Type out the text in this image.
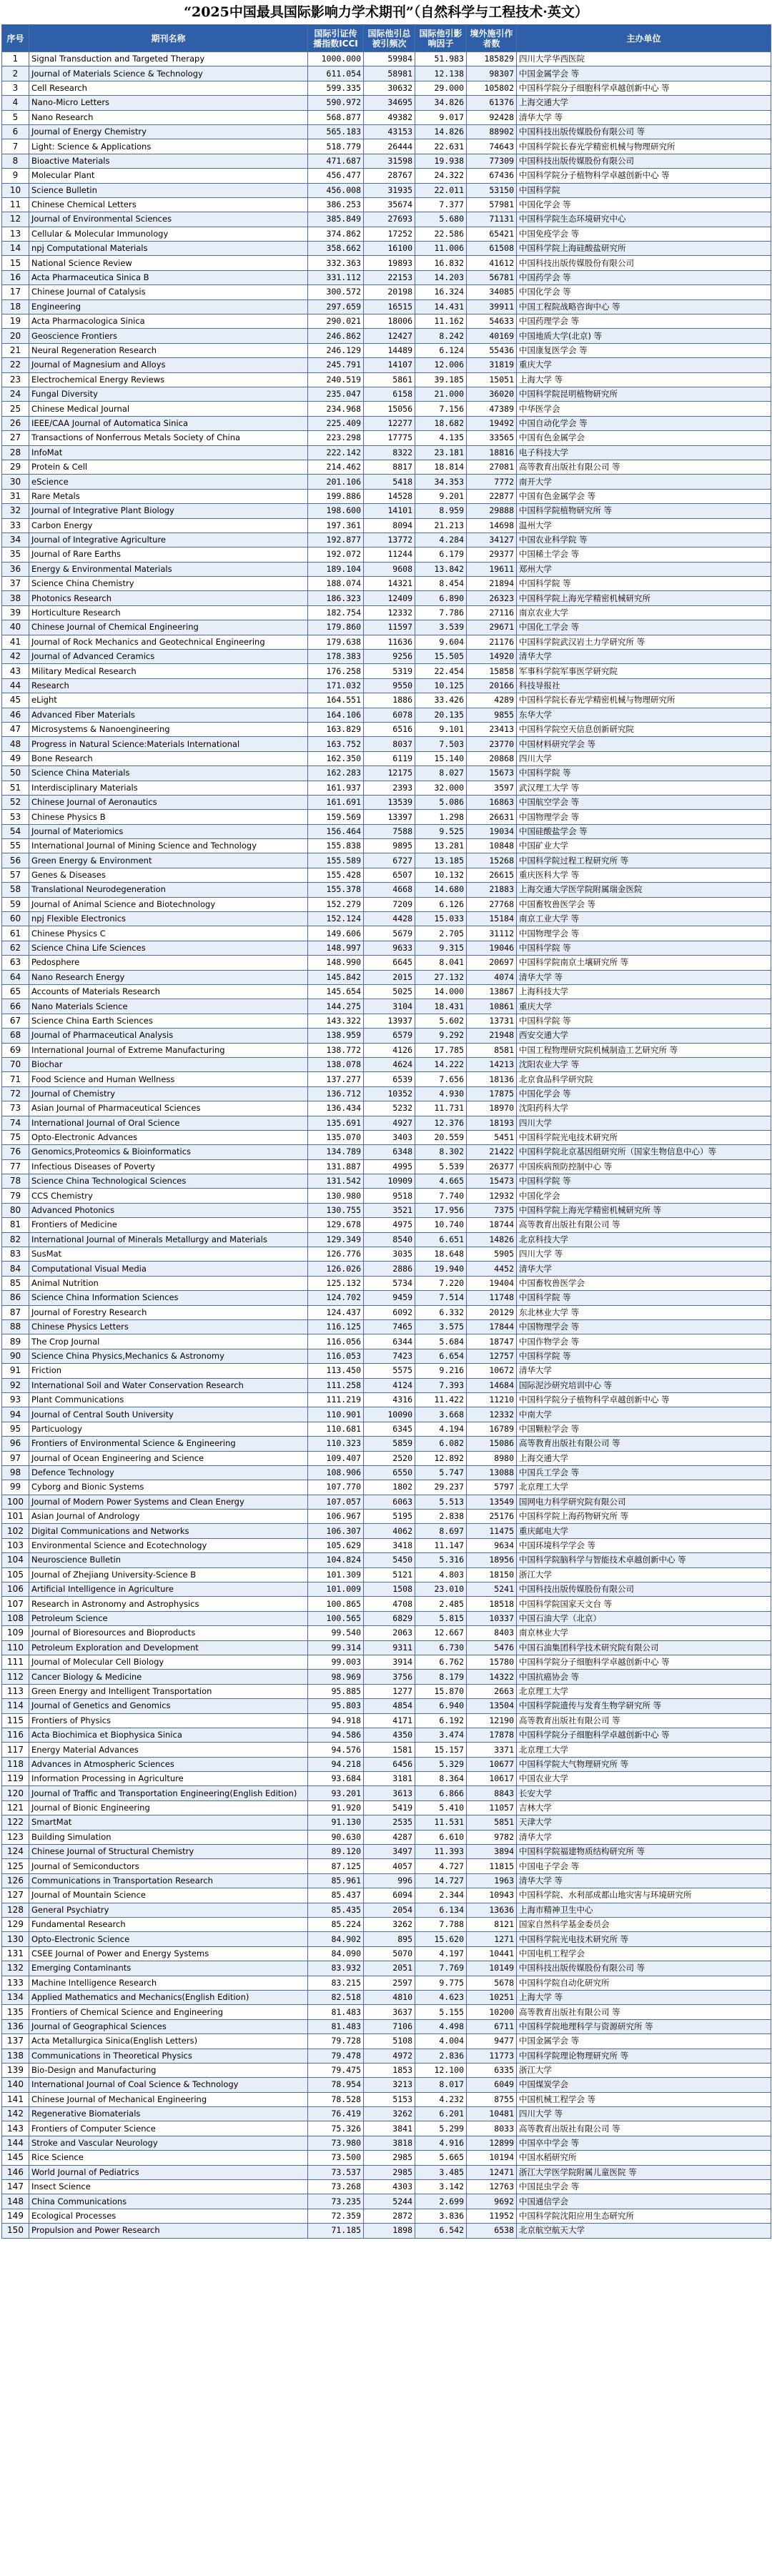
“2025中国最具国际影响力学术期刊”（自然科学与工程技术·英文）
序号	期刊名称	国际引证传播指数ICCI	国际他引总被引频次	国际他引影响因子	境外施引作者数	主办单位
1	Signal Transduction and Targeted Therapy	1000.000	59984	51.983	185829	四川大学华西医院
2	Journal of Materials Science & Technology	611.054	58981	12.138	98307	中国金属学会 等
3	Cell Research	599.335	30632	29.000	105802	中国科学院分子细胞科学卓越创新中心 等
4	Nano-Micro Letters	590.972	34695	34.826	61376	上海交通大学
5	Nano Research	568.877	49382	9.017	92428	清华大学 等
6	Journal of Energy Chemistry	565.183	43153	14.826	88902	中国科技出版传媒股份有限公司 等
7	Light: Science & Applications	518.779	26444	22.631	74643	中国科学院长春光学精密机械与物理研究所
8	Bioactive Materials	471.687	31598	19.938	77309	中国科技出版传媒股份有限公司
9	Molecular Plant	456.477	28767	24.322	67436	中国科学院分子植物科学卓越创新中心 等
10	Science Bulletin	456.008	31935	22.011	53150	中国科学院
11	Chinese Chemical Letters	386.253	35674	7.377	57981	中国化学会 等
12	Journal of Environmental Sciences	385.849	27693	5.680	71131	中国科学院生态环境研究中心
13	Cellular & Molecular Immunology	374.862	17252	22.586	65421	中国免疫学会 等
14	npj Computational Materials	358.662	16100	11.006	61508	中国科学院上海硅酸盐研究所
15	National Science Review	332.363	19893	16.832	41612	中国科技出版传媒股份有限公司
16	Acta Pharmaceutica Sinica B	331.112	22153	14.203	56781	中国药学会 等
17	Chinese Journal of Catalysis	300.572	20198	16.324	34085	中国化学会 等
18	Engineering	297.659	16515	14.431	39911	中国工程院战略咨询中心 等
19	Acta Pharmacologica Sinica	290.021	18006	11.162	54633	中国药理学会 等
20	Geoscience Frontiers	246.862	12427	8.242	40169	中国地质大学(北京) 等
21	Neural Regeneration Research	246.129	14489	6.124	55436	中国康复医学会 等
22	Journal of Magnesium and Alloys	245.791	14107	12.006	31819	重庆大学
23	Electrochemical Energy Reviews	240.519	5861	39.185	15051	上海大学 等
24	Fungal Diversity	235.047	6158	21.000	36020	中国科学院昆明植物研究所
25	Chinese Medical Journal	234.968	15056	7.156	47389	中华医学会
26	IEEE/CAA Journal of Automatica Sinica	225.409	12277	18.682	19492	中国自动化学会 等
27	Transactions of Nonferrous Metals Society of China	223.298	17775	4.135	33565	中国有色金属学会
28	InfoMat	222.142	8322	23.181	18816	电子科技大学
29	Protein & Cell	214.462	8817	18.814	27081	高等教育出版社有限公司 等
30	eScience	201.106	5418	34.353	7772	南开大学
31	Rare Metals	199.886	14528	9.201	22877	中国有色金属学会 等
32	Journal of Integrative Plant Biology	198.600	14101	8.959	29888	中国科学院植物研究所 等
33	Carbon Energy	197.361	8094	21.213	14698	温州大学
34	Journal of Integrative Agriculture	192.877	13772	4.284	34127	中国农业科学院 等
35	Journal of Rare Earths	192.072	11244	6.179	29377	中国稀土学会 等
36	Energy & Environmental Materials	189.104	9608	13.842	19611	郑州大学
37	Science China Chemistry	188.074	14321	8.454	21894	中国科学院 等
38	Photonics Research	186.323	12409	6.890	26323	中国科学院上海光学精密机械研究所
39	Horticulture Research	182.754	12332	7.786	27116	南京农业大学
40	Chinese Journal of Chemical Engineering	179.860	11597	3.539	29671	中国化工学会 等
41	Journal of Rock Mechanics and Geotechnical Engineering	179.638	11636	9.604	21176	中国科学院武汉岩土力学研究所 等
42	Journal of Advanced Ceramics	178.383	9256	15.505	14920	清华大学
43	Military Medical Research	176.258	5319	22.454	15858	军事科学院军事医学研究院
44	Research	171.032	9550	10.125	20166	科技导报社
45	eLight	164.551	1886	33.426	4289	中国科学院长春光学精密机械与物理研究所
46	Advanced Fiber Materials	164.106	6078	20.135	9855	东华大学
47	Microsystems & Nanoengineering	163.829	6516	9.101	23413	中国科学院空天信息创新研究院
48	Progress in Natural Science:Materials International	163.752	8037	7.503	23770	中国材料研究学会 等
49	Bone Research	162.350	6119	15.140	20868	四川大学
50	Science China Materials	162.283	12175	8.027	15673	中国科学院 等
51	Interdisciplinary Materials	161.937	2393	32.000	3597	武汉理工大学 等
52	Chinese Journal of Aeronautics	161.691	13539	5.086	16863	中国航空学会 等
53	Chinese Physics B	159.569	13397	1.298	26631	中国物理学会 等
54	Journal of Materiomics	156.464	7588	9.525	19034	中国硅酸盐学会 等
55	International Journal of Mining Science and Technology	155.838	9895	13.281	10848	中国矿业大学
56	Green Energy & Environment	155.589	6727	13.185	15268	中国科学院过程工程研究所 等
57	Genes & Diseases	155.428	6507	10.132	26615	重庆医科大学 等
58	Translational Neurodegeneration	155.378	4668	14.680	21883	上海交通大学医学院附属瑞金医院
59	Journal of Animal Science and Biotechnology	152.279	7209	6.126	27768	中国畜牧兽医学会 等
60	npj Flexible Electronics	152.124	4428	15.033	15184	南京工业大学 等
61	Chinese Physics C	149.606	5679	2.705	31112	中国物理学会 等
62	Science China Life Sciences	148.997	9633	9.315	19046	中国科学院 等
63	Pedosphere	148.990	6645	8.041	20697	中国科学院南京土壤研究所 等
64	Nano Research Energy	145.842	2015	27.132	4074	清华大学 等
65	Accounts of Materials Research	145.654	5025	14.000	13867	上海科技大学
66	Nano Materials Science	144.275	3104	18.431	10861	重庆大学
67	Science China Earth Sciences	143.322	13937	5.602	13731	中国科学院 等
68	Journal of Pharmaceutical Analysis	138.959	6579	9.292	21948	西安交通大学
69	International Journal of Extreme Manufacturing	138.772	4126	17.785	8581	中国工程物理研究院机械制造工艺研究所 等
70	Biochar	138.078	4624	14.222	14213	沈阳农业大学 等
71	Food Science and Human Wellness	137.277	6539	7.656	18136	北京食品科学研究院
72	Journal of Chemistry	136.712	10352	4.930	17875	中国化学会 等
73	Asian Journal of Pharmaceutical Sciences	136.434	5232	11.731	18970	沈阳药科大学
74	International Journal of Oral Science	135.691	4927	12.376	18193	四川大学
75	Opto-Electronic Advances	135.070	3403	20.559	5451	中国科学院光电技术研究所
76	Genomics,Proteomics & Bioinformatics	134.789	6348	8.302	21422	中国科学院北京基因组研究所（国家生物信息中心）等
77	Infectious Diseases of Poverty	131.887	4995	5.539	26377	中国疾病预防控制中心 等
78	Science China Technological Sciences	131.542	10909	4.665	15473	中国科学院 等
79	CCS Chemistry	130.980	9518	7.740	12932	中国化学会
80	Advanced Photonics	130.755	3521	17.956	7375	中国科学院上海光学精密机械研究所 等
81	Frontiers of Medicine	129.678	4975	10.740	18744	高等教育出版社有限公司 等
82	International Journal of Minerals Metallurgy and Materials	129.349	8540	6.651	14826	北京科技大学
83	SusMat	126.776	3035	18.648	5905	四川大学 等
84	Computational Visual Media	126.026	2886	19.940	4452	清华大学
85	Animal Nutrition	125.132	5734	7.220	19404	中国畜牧兽医学会
86	Science China Information Sciences	124.702	9459	7.514	11748	中国科学院 等
87	Journal of Forestry Research	124.437	6092	6.332	20129	东北林业大学 等
88	Chinese Physics Letters	116.125	7465	3.575	17844	中国物理学会 等
89	The Crop Journal	116.056	6344	5.684	18747	中国作物学会 等
90	Science China Physics,Mechanics & Astronomy	116.053	7423	6.654	12757	中国科学院 等
91	Friction	113.450	5575	9.216	10672	清华大学
92	International Soil and Water Conservation Research	111.258	4124	7.393	14684	国际泥沙研究培训中心 等
93	Plant Communications	111.219	4316	11.422	11210	中国科学院分子植物科学卓越创新中心 等
94	Journal of Central South University	110.901	10090	3.668	12332	中南大学
95	Particuology	110.681	6345	4.194	16789	中国颗粒学会 等
96	Frontiers of Environmental Science & Engineering	110.323	5859	6.082	15086	高等教育出版社有限公司 等
97	Journal of Ocean Engineering and Science	109.407	2520	12.892	8980	上海交通大学
98	Defence Technology	108.906	6550	5.747	13088	中国兵工学会 等
99	Cyborg and Bionic Systems	107.770	1802	29.237	5797	北京理工大学
100	Journal of Modern Power Systems and Clean Energy	107.057	6063	5.513	13549	国网电力科学研究院有限公司
101	Asian Journal of Andrology	106.967	5195	2.838	25176	中国科学院上海药物研究所 等
102	Digital Communications and Networks	106.307	4062	8.697	11475	重庆邮电大学
103	Environmental Science and Ecotechnology	105.629	3418	11.147	9634	中国环境科学学会 等
104	Neuroscience Bulletin	104.824	5450	5.316	18956	中国科学院脑科学与智能技术卓越创新中心 等
105	Journal of Zhejiang University-Science B	101.309	5121	4.803	18150	浙江大学
106	Artificial Intelligence in Agriculture	101.009	1508	23.010	5241	中国科技出版传媒股份有限公司
107	Research in Astronomy and Astrophysics	100.865	4708	2.485	18518	中国科学院国家天文台 等
108	Petroleum Science	100.565	6829	5.815	10337	中国石油大学（北京）
109	Journal of Bioresources and Bioproducts	99.540	2063	12.667	8403	南京林业大学
110	Petroleum Exploration and Development	99.314	9311	6.730	5476	中国石油集团科学技术研究院有限公司
111	Journal of Molecular Cell Biology	99.003	3914	6.762	15780	中国科学院分子细胞科学卓越创新中心 等
112	Cancer Biology & Medicine	98.969	3756	8.179	14322	中国抗癌协会 等
113	Green Energy and Intelligent Transportation	95.885	1277	15.870	2663	北京理工大学
114	Journal of Genetics and Genomics	95.803	4854	6.940	13504	中国科学院遗传与发育生物学研究所 等
115	Frontiers of Physics	94.918	4171	6.192	12190	高等教育出版社有限公司 等
116	Acta Biochimica et Biophysica Sinica	94.586	4350	3.474	17878	中国科学院分子细胞科学卓越创新中心 等
117	Energy Material Advances	94.576	1581	15.157	3371	北京理工大学
118	Advances in Atmospheric Sciences	94.218	6456	5.329	10677	中国科学院大气物理研究所 等
119	Information Processing in Agriculture	93.684	3181	8.364	10617	中国农业大学
120	Journal of Traffic and Transportation Engineering(English Edition)	93.201	3613	6.866	8843	长安大学
121	Journal of Bionic Engineering	91.920	5419	5.410	11057	吉林大学
122	SmartMat	91.130	2535	11.531	5851	天津大学
123	Building Simulation	90.630	4287	6.610	9782	清华大学
124	Chinese Journal of Structural Chemistry	89.120	3497	11.393	3894	中国科学院福建物质结构研究所 等
125	Journal of Semiconductors	87.125	4057	4.727	11815	中国电子学会 等
126	Communications in Transportation Research	85.961	996	14.727	1963	清华大学 等
127	Journal of Mountain Science	85.437	6094	2.344	10943	中国科学院、水利部成都山地灾害与环境研究所
128	General Psychiatry	85.435	2054	6.134	13636	上海市精神卫生中心
129	Fundamental Research	85.224	3262	7.788	8121	国家自然科学基金委员会
130	Opto-Electronic Science	84.902	895	15.620	1271	中国科学院光电技术研究所 等
131	CSEE Journal of Power and Energy Systems	84.090	5070	4.197	10441	中国电机工程学会
132	Emerging Contaminants	83.932	2051	7.769	10149	中国科技出版传媒股份有限公司 等
133	Machine Intelligence Research	83.215	2597	9.775	5678	中国科学院自动化研究所
134	Applied Mathematics and Mechanics(English Edition)	82.518	4810	4.623	10251	上海大学 等
135	Frontiers of Chemical Science and Engineering	81.483	3637	5.155	10200	高等教育出版社有限公司 等
136	Journal of Geographical Sciences	81.483	7106	4.498	6711	中国科学院地理科学与资源研究所 等
137	Acta Metallurgica Sinica(English Letters)	79.728	5108	4.004	9477	中国金属学会 等
138	Communications in Theoretical Physics	79.478	4972	2.836	11773	中国科学院理论物理研究所 等
139	Bio-Design and Manufacturing	79.475	1853	12.100	6335	浙江大学
140	International Journal of Coal Science & Technology	78.954	3213	8.017	6049	中国煤炭学会
141	Chinese Journal of Mechanical Engineering	78.528	5153	4.232	8755	中国机械工程学会 等
142	Regenerative Biomaterials	76.419	3262	6.201	10481	四川大学 等
143	Frontiers of Computer Science	75.326	3841	5.299	8033	高等教育出版社有限公司 等
144	Stroke and Vascular Neurology	73.980	3818	4.916	12899	中国卒中学会 等
145	Rice Science	73.500	2985	5.665	10194	中国水稻研究所
146	World Journal of Pediatrics	73.537	2985	3.485	12471	浙江大学医学院附属儿童医院 等
147	Insect Science	73.268	4303	3.142	12763	中国昆虫学会 等
148	China Communications	73.235	5244	2.699	9692	中国通信学会
149	Ecological Processes	72.359	2872	3.836	11952	中国科学院沈阳应用生态研究所
150	Propulsion and Power Research	71.185	1898	6.542	6538	北京航空航天大学
